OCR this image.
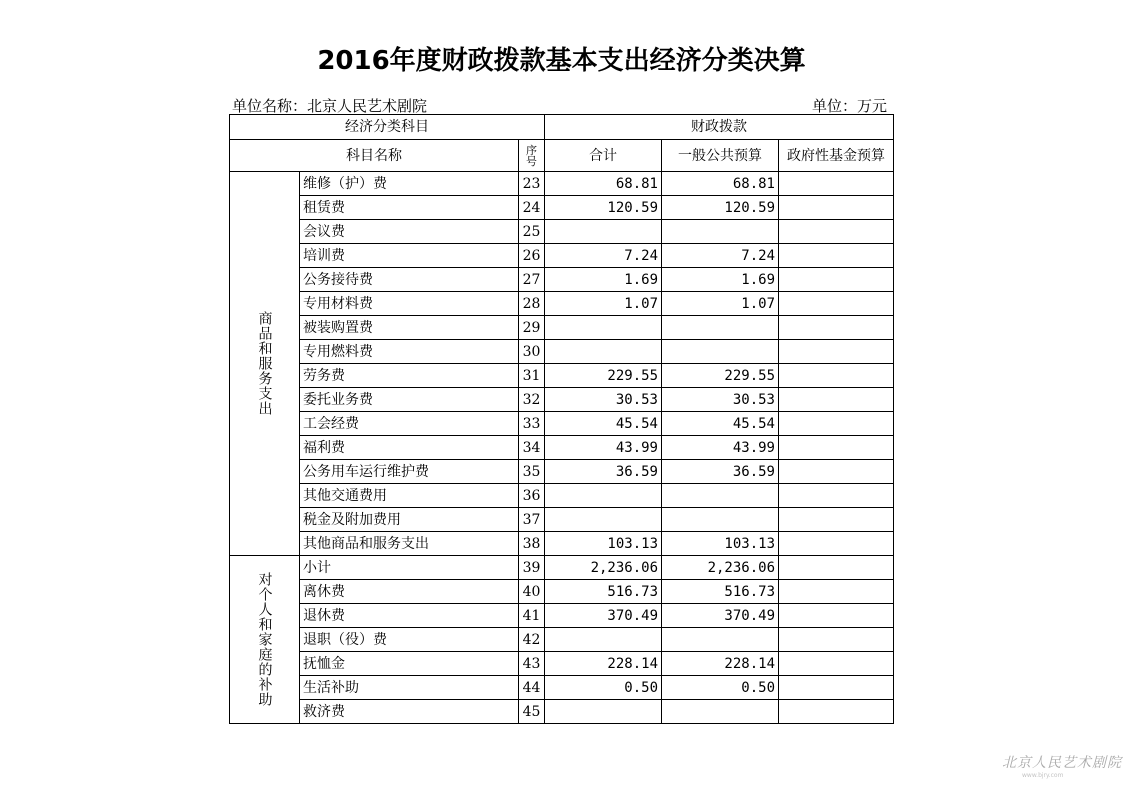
2016年度财政拨款基本支出经济分类决算
单位名称：北京人民艺术剧院	单位：万元
经济分类科目			财政拨款		
科目名称		序号	合计	一般公共预算	政府性基金预算
商品和服务支出	维修（护）费	23	68.81	68.81	
	租赁费	24	120.59	120.59	
	会议费	25			
	培训费	26	7.24	7.24	
	公务接待费	27	1.69	1.69	
	专用材料费	28	1.07	1.07	
	被装购置费	29			
	专用燃料费	30			
	劳务费	31	229.55	229.55	
	委托业务费	32	30.53	30.53	
	工会经费	33	45.54	45.54	
	福利费	34	43.99	43.99	
	公务用车运行维护费	35	36.59	36.59	
	其他交通费用	36			
	税金及附加费用	37			
	其他商品和服务支出	38	103.13	103.13	
对个人和家庭的补助	小计	39	2,236.06	2,236.06	
	离休费	40	516.73	516.73	
	退休费	41	370.49	370.49	
	退职（役）费	42			
	抚恤金	43	228.14	228.14	
	生活补助	44	0.50	0.50	
	救济费	45			
北京人民艺术剧院
www.bjry.com
